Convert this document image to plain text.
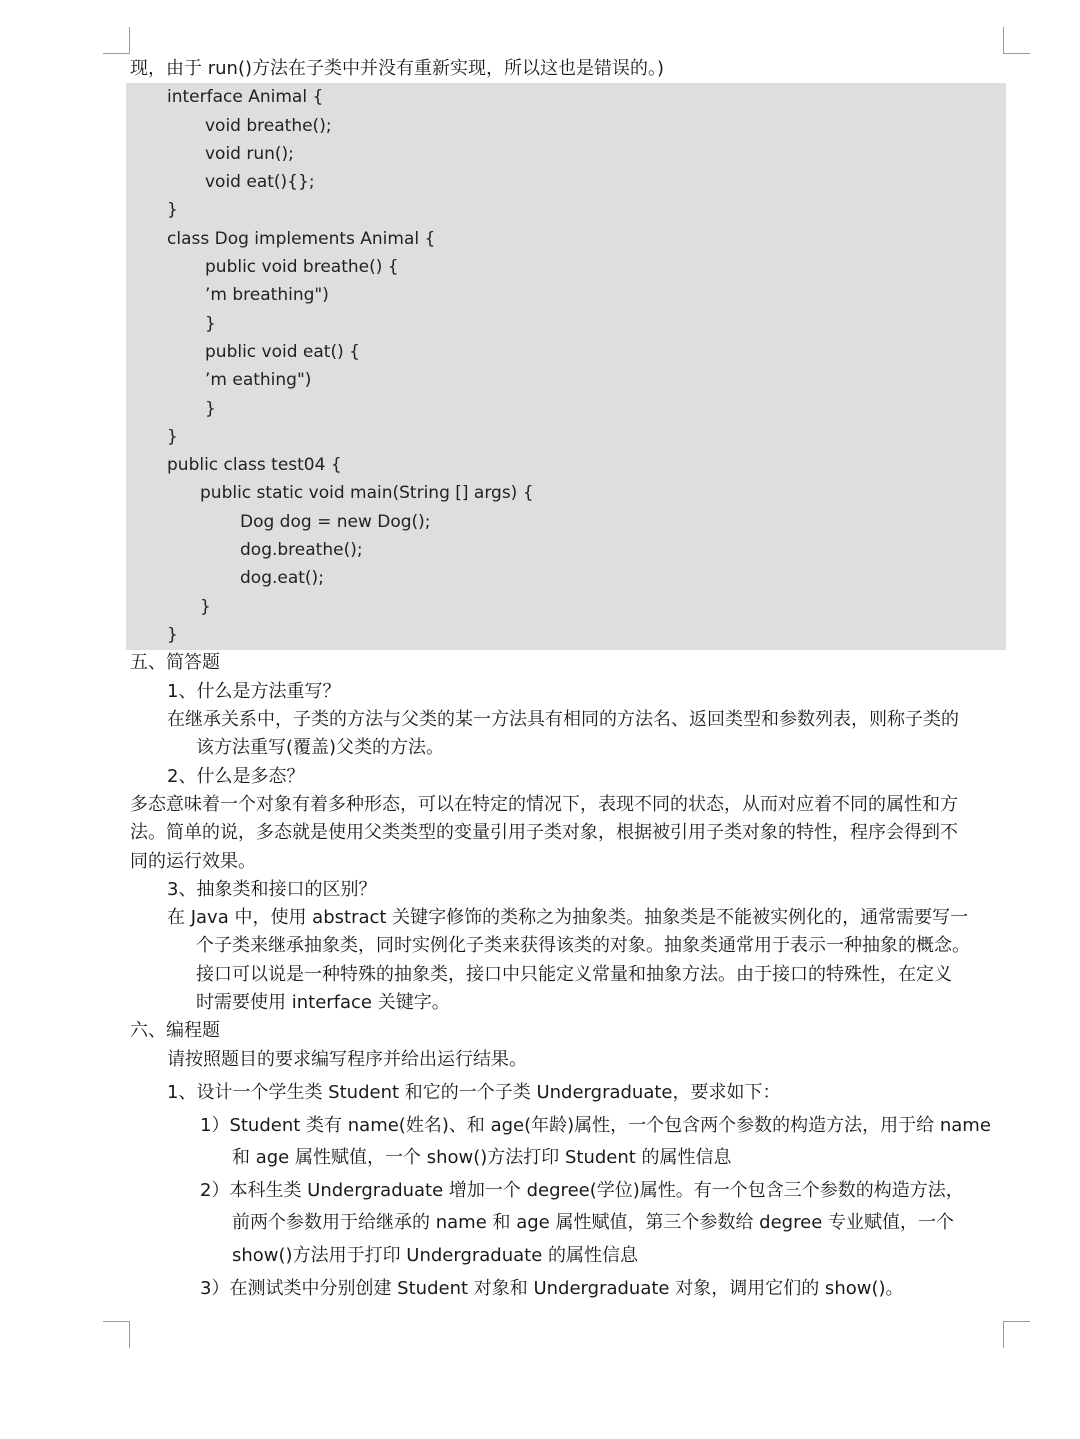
现，由于 run()方法在子类中并没有重新实现，所以这也是错误的。)
interface Animal {
void breathe();
void run();
void eat(){};
}
class Dog implements Animal {
public void breathe() {
’m breathing")
}
public void eat() {
’m eathing")
}
}
public class test04 {
public static void main(String [] args) {
Dog dog = new Dog();
dog.breathe();
dog.eat();
}
}
五、简答题
1、什么是方法重写？
在继承关系中，子类的方法与父类的某一方法具有相同的方法名、返回类型和参数列表，则称子类的
该方法重写(覆盖)父类的方法。
2、什么是多态？
多态意味着一个对象有着多种形态，可以在特定的情况下，表现不同的状态，从而对应着不同的属性和方
法。简单的说，多态就是使用父类类型的变量引用子类对象，根据被引用子类对象的特性，程序会得到不
同的运行效果。
3、抽象类和接口的区别？
在 Java 中，使用 abstract 关键字修饰的类称之为抽象类。抽象类是不能被实例化的，通常需要写一
个子类来继承抽象类，同时实例化子类来获得该类的对象。抽象类通常用于表示一种抽象的概念。
接口可以说是一种特殊的抽象类，接口中只能定义常量和抽象方法。由于接口的特殊性，在定义
时需要使用 interface 关键字。
六、编程题
请按照题目的要求编写程序并给出运行结果。
1、设计一个学生类 Student 和它的一个子类 Undergraduate，要求如下：
1）Student 类有 name(姓名)、和 age(年龄)属性，一个包含两个参数的构造方法，用于给 name
和 age 属性赋值，一个 show()方法打印 Student 的属性信息
2）本科生类 Undergraduate 增加一个 degree(学位)属性。有一个包含三个参数的构造方法，
前两个参数用于给继承的 name 和 age 属性赋值，第三个参数给 degree 专业赋值，一个
show()方法用于打印 Undergraduate 的属性信息
3）在测试类中分别创建 Student 对象和 Undergraduate 对象，调用它们的 show()。
